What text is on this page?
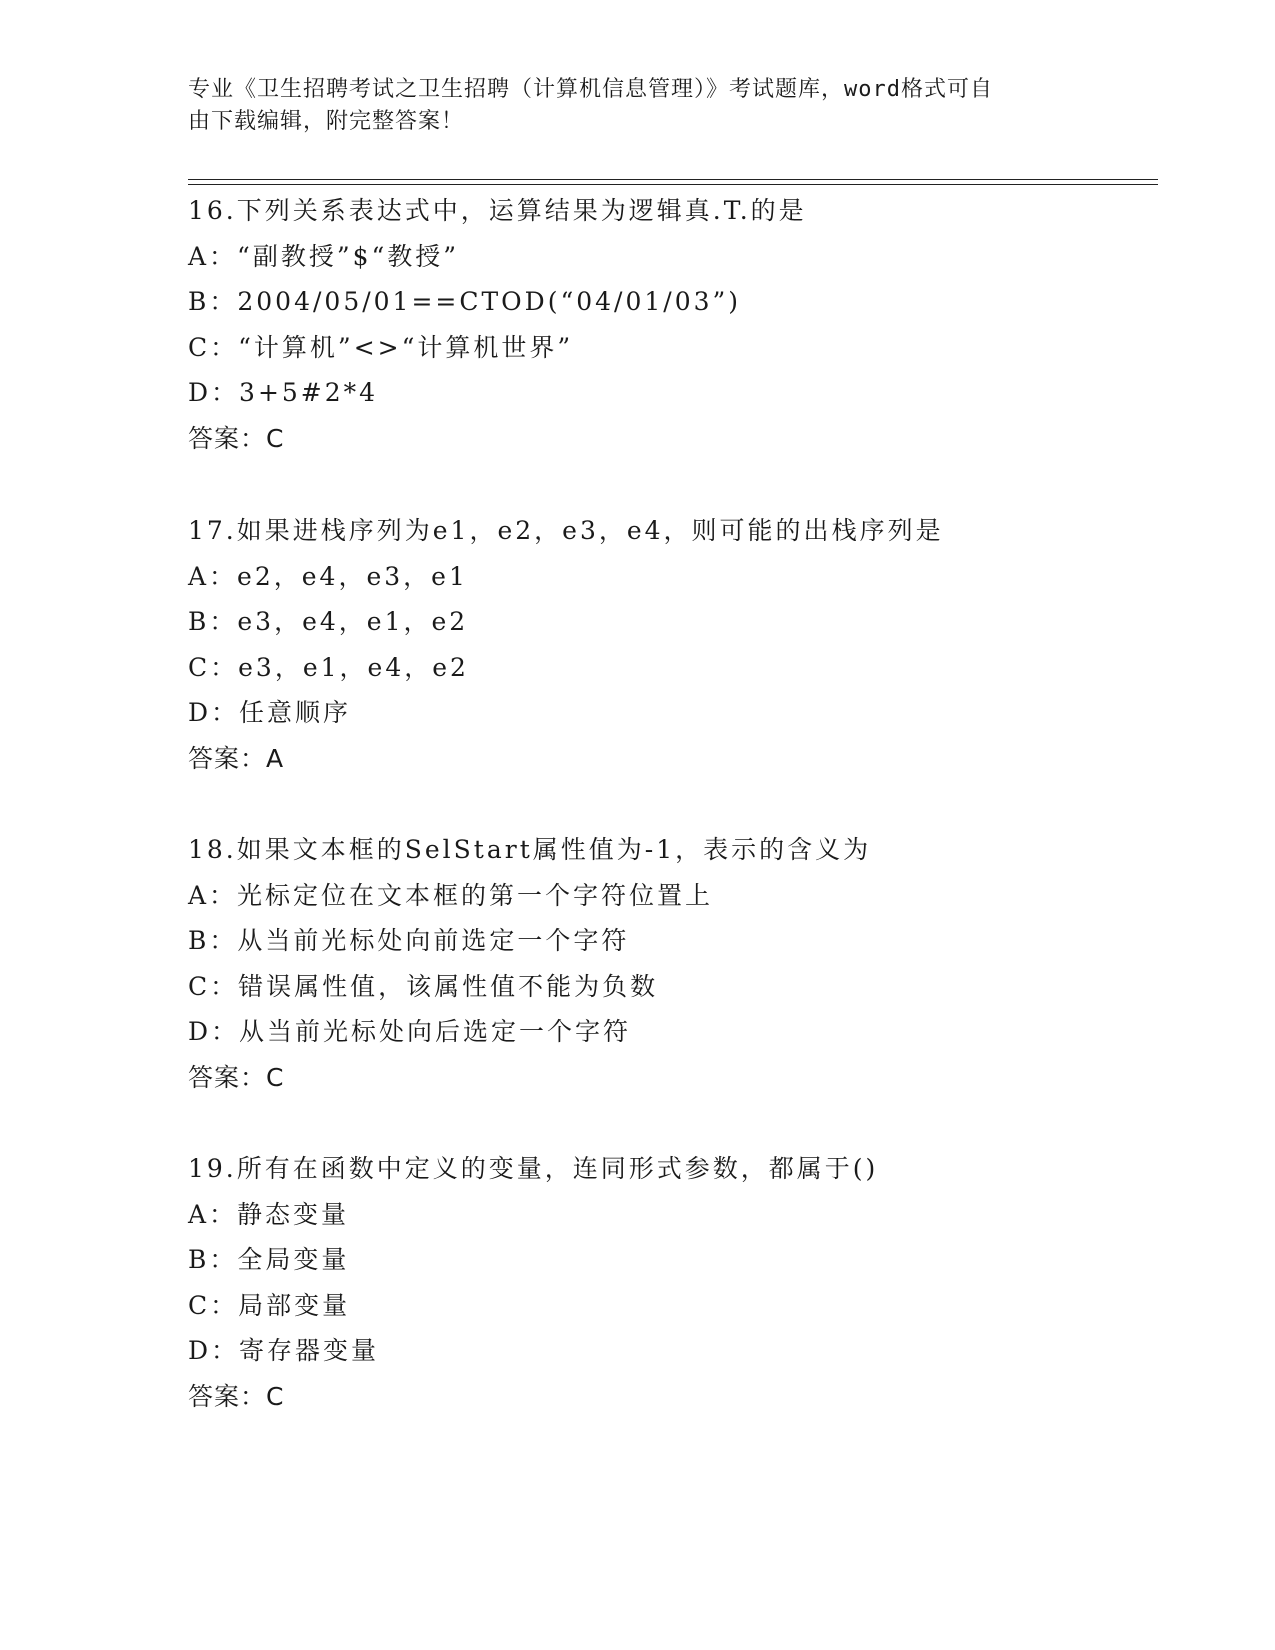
专业《卫生招聘考试之卫生招聘（计算机信息管理）》考试题库，word格式可自
由下载编辑，附完整答案！
16.下列关系表达式中，运算结果为逻辑真.T.的是
A：“副教授”$“教授”
B：2004/05/01==CTOD(“04/01/03”)
C：“计算机”<>“计算机世界”
D：3+5#2*4
答案：C
17.如果进栈序列为e1，e2，e3，e4，则可能的出栈序列是
A：e2，e4，e3，e1
B：e3，e4，e1，e2
C：e3，e1，e4，e2
D：任意顺序
答案：A
18.如果文本框的SelStart属性值为-1，表示的含义为
A：光标定位在文本框的第一个字符位置上
B：从当前光标处向前选定一个字符
C：错误属性值，该属性值不能为负数
D：从当前光标处向后选定一个字符
答案：C
19.所有在函数中定义的变量，连同形式参数，都属于()
A：静态变量
B：全局变量
C：局部变量
D：寄存器变量
答案：C
